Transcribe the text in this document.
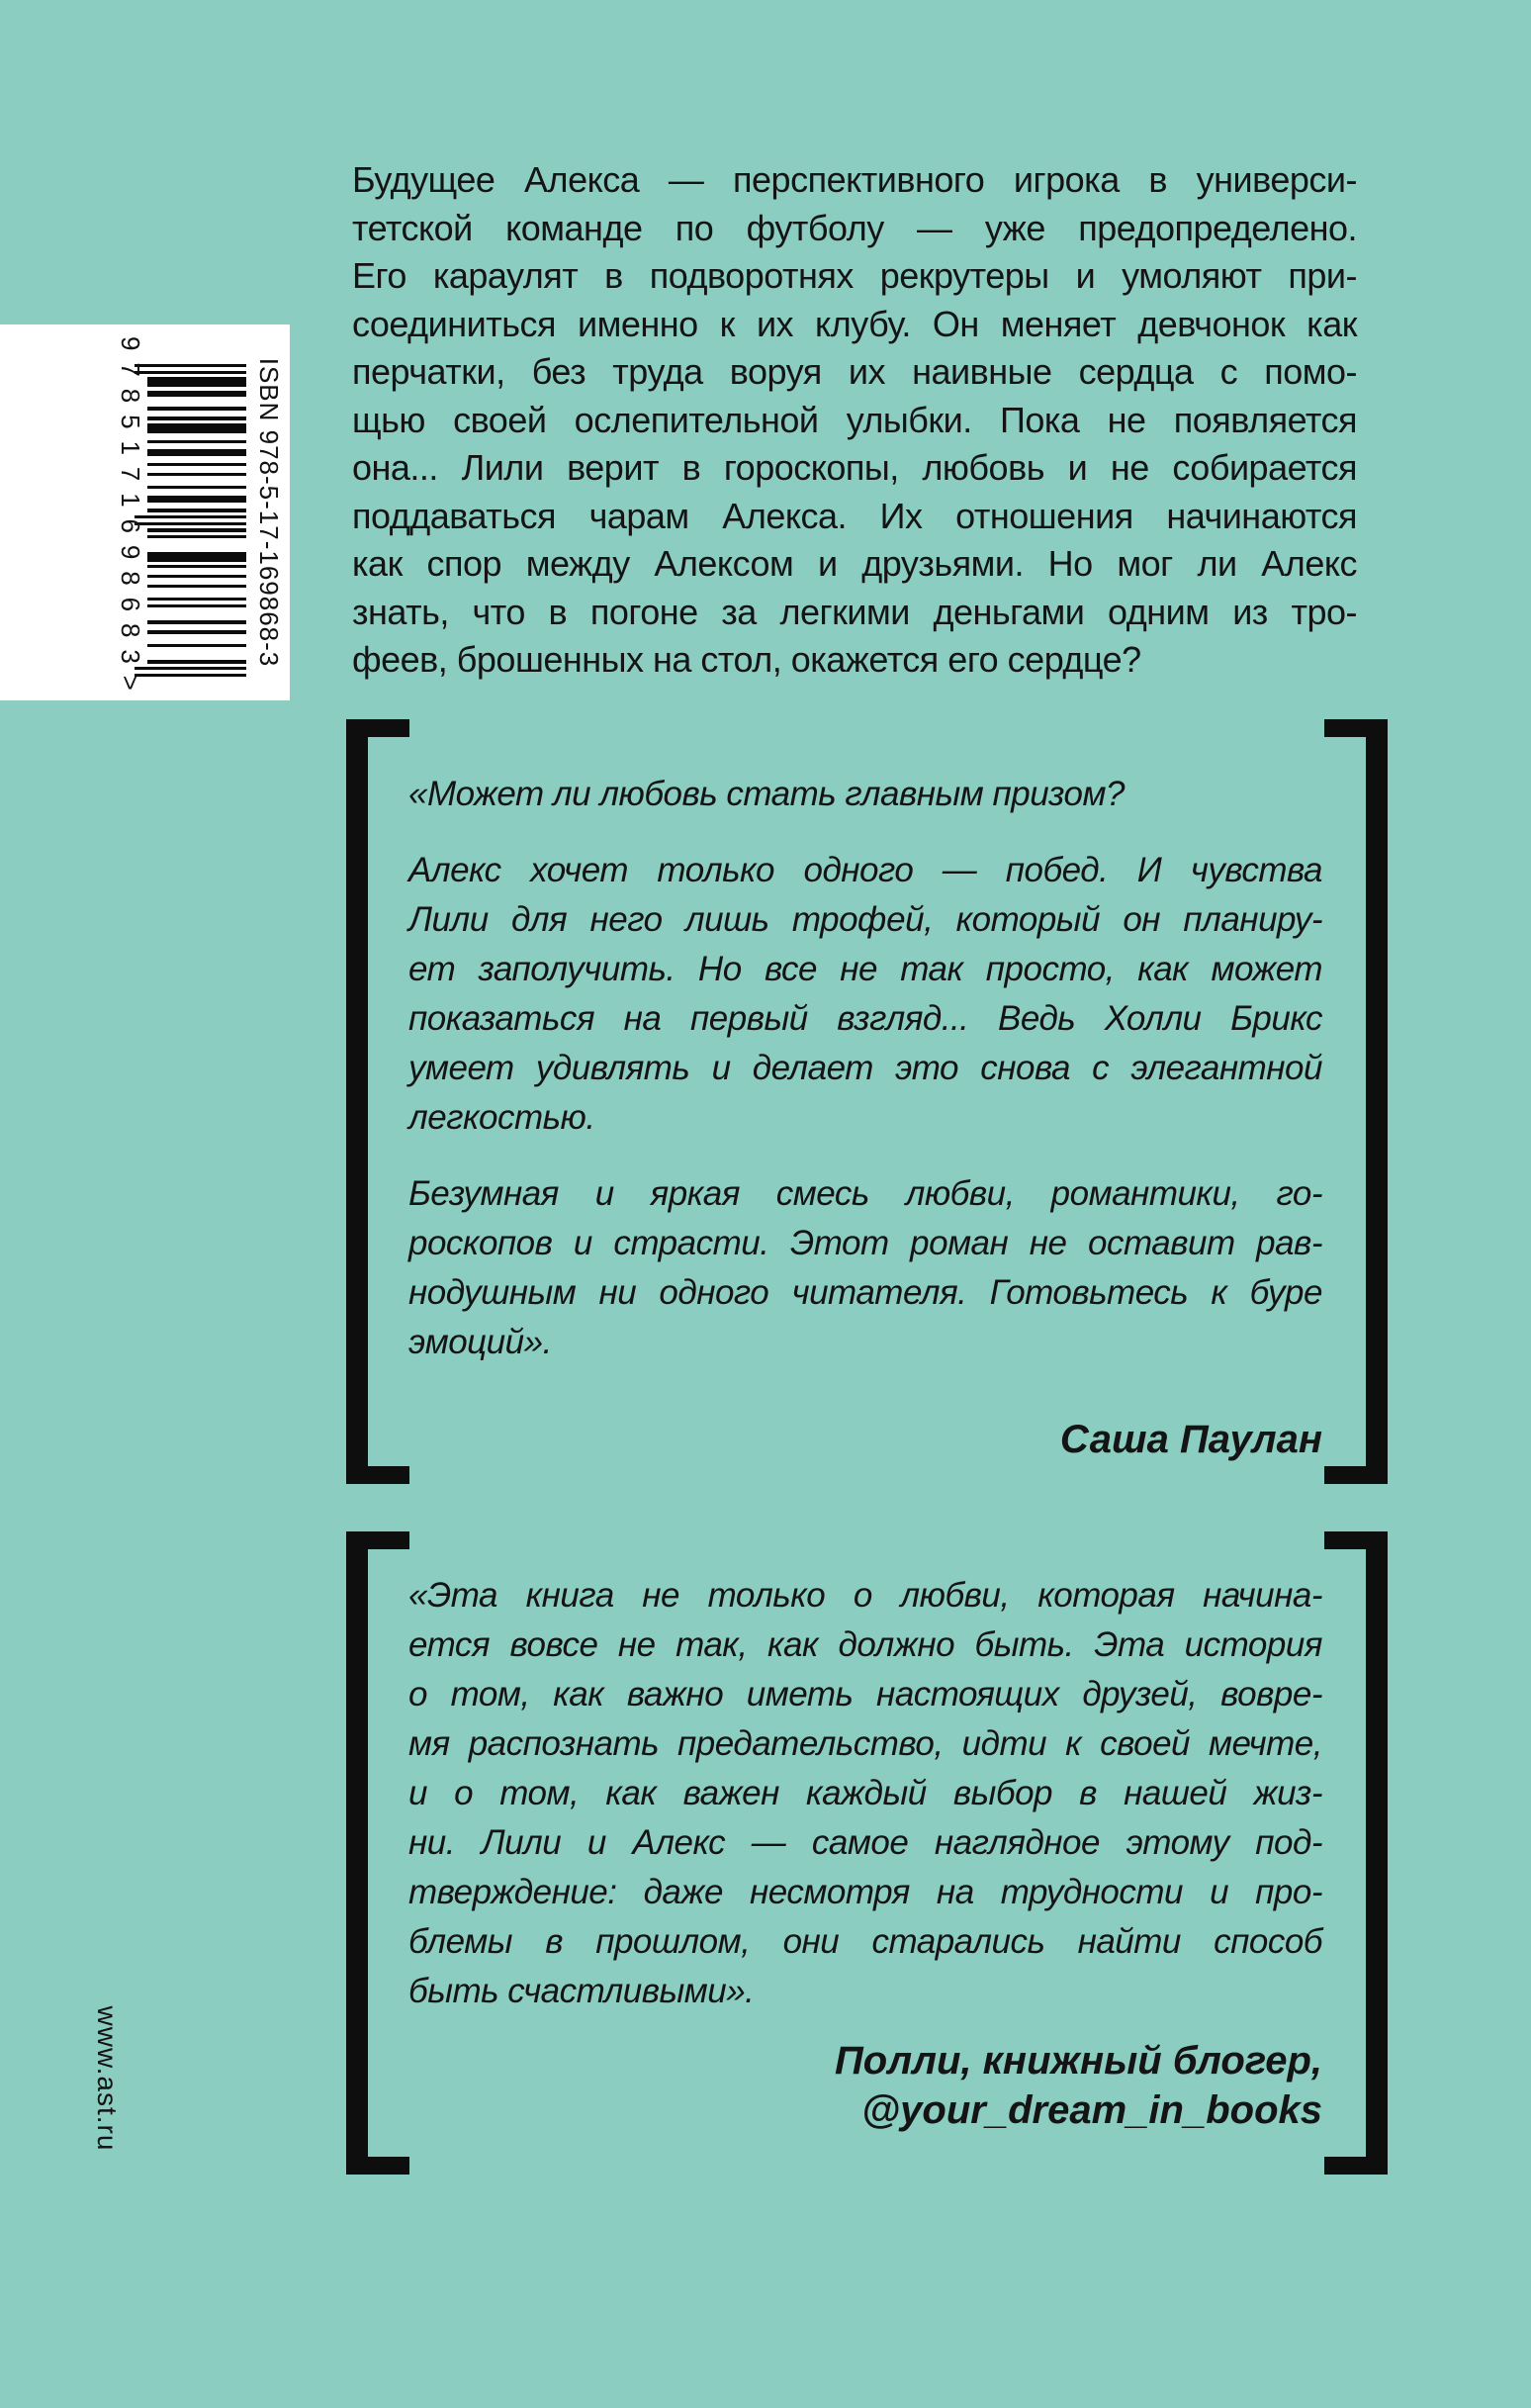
ISBN 978-5-17-169868-3
9
7
8
5
1
7
1
6
9
8
6
8
3
>
Будущее Алекса — перспективного игрока в универси-
тетской команде по футболу — уже предопределено.
Его караулят в подворотнях рекрутеры и умоляют при-
соединиться именно к их клубу. Он меняет девчонок как
перчатки, без труда воруя их наивные сердца с помо-
щью своей ослепительной улыбки. Пока не появляется
она... Лили верит в гороскопы, любовь и не собирается
поддаваться чарам Алекса. Их отношения начинаются
как спор между Алексом и друзьями. Но мог ли Алекс
знать, что в погоне за легкими деньгами одним из тро-
феев, брошенных на стол, окажется его сердце?
«Может ли любовь стать главным призом?
Алекс хочет только одного — побед. И чувства
Лили для него лишь трофей, который он планиру-
ет заполучить. Но все не так просто, как может
показаться на первый взгляд... Ведь Холли Брикс
умеет удивлять и делает это снова с элегантной
легкостью.
Безумная и яркая смесь любви, романтики, го-
роскопов и страсти. Этот роман не оставит рав-
нодушным ни одного читателя. Готовьтесь к буре
эмоций».
Саша Паулан
«Эта книга не только о любви, которая начина-
ется вовсе не так, как должно быть. Эта история
о том, как важно иметь настоящих друзей, вовре-
мя распознать предательство, идти к своей мечте,
и о том, как важен каждый выбор в нашей жиз-
ни. Лили и Алекс — самое наглядное этому под-
тверждение: даже несмотря на трудности и про-
блемы в прошлом, они старались найти способ
быть счастливыми».
Полли, книжный блогер,
@your_dream_in_books
www.ast.ru
